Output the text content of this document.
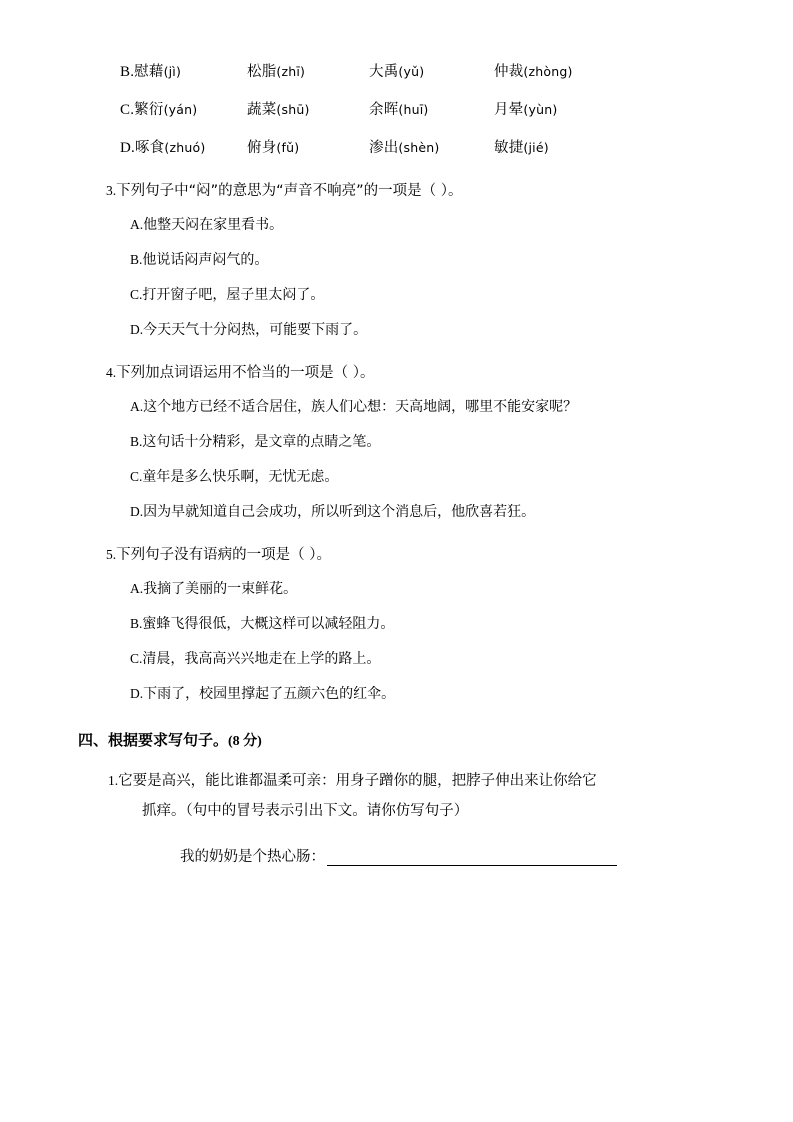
B.慰藉(jì)	松脂(zhī)	大禹(yǔ)	仲裁(zhòng)
C.繁衍(yán)	蔬菜(shū)	余晖(huī)	月晕(yùn)
D.啄食(zhuó)	俯身(fǔ)	渗出(shèn)	敏捷(jié)
3.下列句子中“闷”的意思为“声音不响亮”的一项是（ ）。
A.他整天闷在家里看书。
B.他说话闷声闷气的。
C.打开窗子吧，屋子里太闷了。
D.今天天气十分闷热，可能要下雨了。
4.下列加点词语运用不恰当的一项是（ ）。
A.这个地方已经不适合居住，族人们心想：天高地阔，哪里不能安家呢？
B.这句话十分精彩，是文章的点睛之笔。
C.童年是多么快乐啊，无忧无虑。
D.因为早就知道自己会成功，所以听到这个消息后，他欣喜若狂。
5.下列句子没有语病的一项是（ ）。
A.我摘了美丽的一束鲜花。
B.蜜蜂飞得很低，大概这样可以减轻阻力。
C.清晨，我高高兴兴地走在上学的路上。
D.下雨了，校园里撑起了五颜六色的红伞。
四、根据要求写句子。(8 分)
1.它要是高兴，能比谁都温柔可亲：用身子蹭你的腿，把脖子伸出来让你给它
抓痒。（句中的冒号表示引出下文。请你仿写句子）
我的奶奶是个热心肠：
